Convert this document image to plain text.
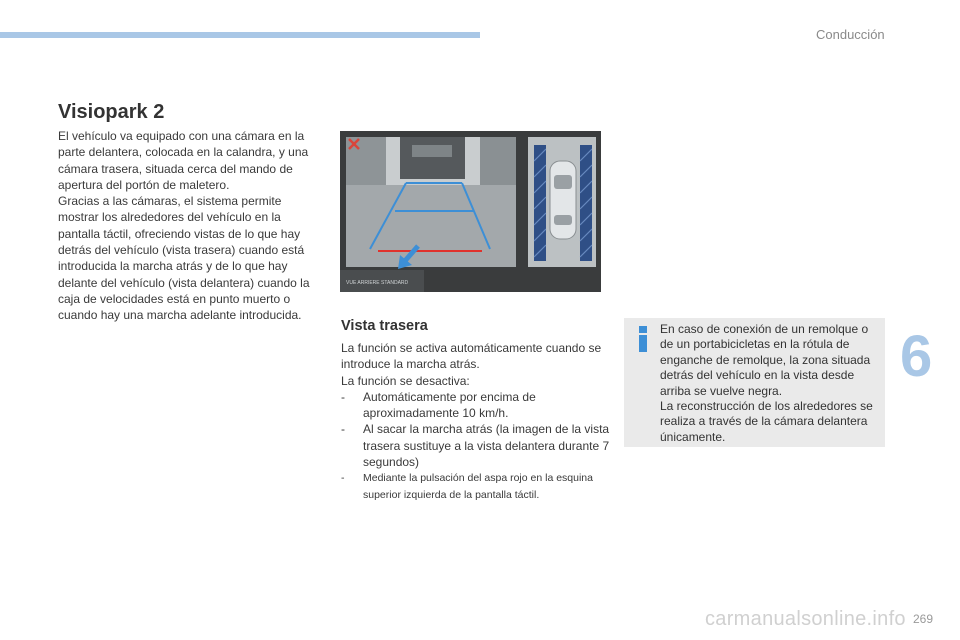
Conducción
Visiopark 2

El vehículo va equipado con una cámara en la parte delantera, colocada en la calandra, y una cámara trasera, situada cerca del mando de apertura del portón de maletero.

Gracias a las cámaras, el sistema permite mostrar los alrededores del vehículo en la pantalla táctil, ofreciendo vistas de lo que hay detrás del vehículo (vista trasera) cuando está introducida la marcha atrás y de lo que hay delante del vehículo (vista delantera) cuando la caja de velocidades está en punto muerto o cuando hay una marcha adelante introducida.

VUE ARRIERE STANDARD
Vista trasera

La función se activa automáticamente cuando se introduce la marcha atrás.

La función se desactiva:

- Automáticamente por encima de aproximadamente 10 km/h.
- Al sacar la marcha atrás (la imagen de la vista trasera sustituye a la vista delantera durante 7 segundos)
- Mediante la pulsación del aspa rojo en la esquina superior izquierda de la pantalla táctil.

En caso de conexión de un remolque o de un portabicicletas en la rótula de enganche de remolque, la zona situada detrás del vehículo en la vista desde arriba se vuelve negra.

La reconstrucción de los alrededores se realiza a través de la cámara delantera únicamente.

6
carmanualsonline.info 269
